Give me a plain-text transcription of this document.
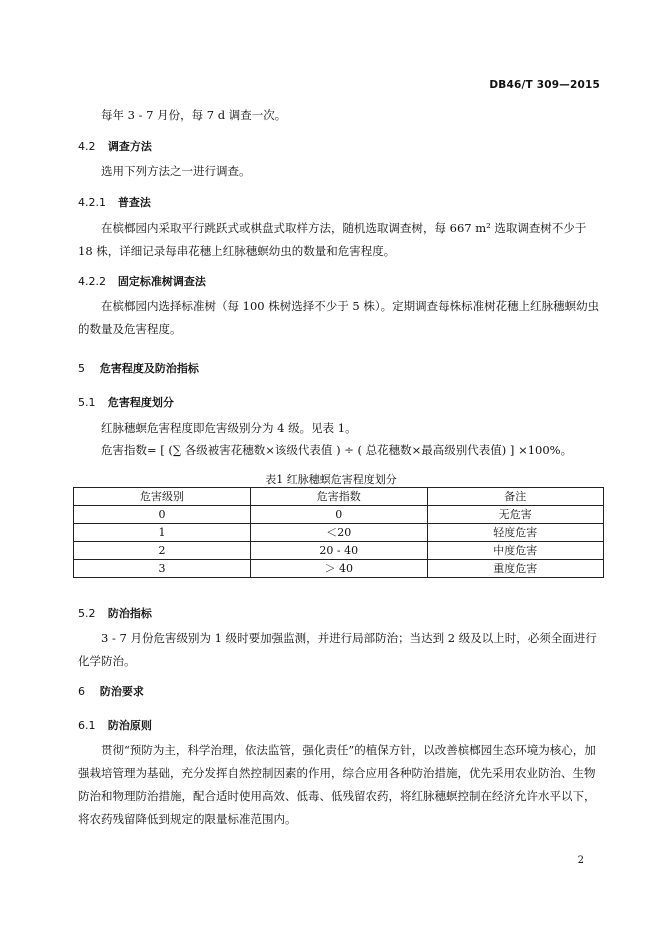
DB46/T 309—2015

每年 3 - 7 月份，每 7 d 调查一次。

4.2 调查方法

选用下列方法之一进行调查。

4.2.1 普查法

在槟榔园内采取平行跳跃式或棋盘式取样方法，随机选取调查树，每 667 m² 选取调查树不少于 18 株，详细记录每串花穗上红脉穗螟幼虫的数量和危害程度。

4.2.2 固定标准树调查法

在槟榔园内选择标准树（每 100 株树选择不少于 5 株）。定期调查每株标准树花穗上红脉穗螟幼虫的数量及危害程度。

5 危害程度及防治指标
5.1 危害程度划分

红脉穗螟危害程度即危害级别分为 4 级。见表 1。

危害指数= [ (∑ 各级被害花穗数×该级代表值 ) ÷ ( 总花穗数×最高级别代表值) ] ×100%。

表1 红脉穗螟危害程度划分
危害级别	危害指数	备注
0	0	无危害
1	＜20	轻度危害
2	20 - 40	中度危害
3	＞ 40	重度危害
5.2 防治指标

3 - 7 月份危害级别为 1 级时要加强监测，并进行局部防治；当达到 2 级及以上时，必须全面进行化学防治。

6 防治要求
6.1 防治原则

贯彻“预防为主，科学治理，依法监管，强化责任”的植保方针，以改善槟榔园生态环境为核心，加强栽培管理为基础，充分发挥自然控制因素的作用，综合应用各种防治措施，优先采用农业防治、生物防治和物理防治措施，配合适时使用高效、低毒、低残留农药，将红脉穗螟控制在经济允许水平以下，将农药残留降低到规定的限量标准范围内。

2
